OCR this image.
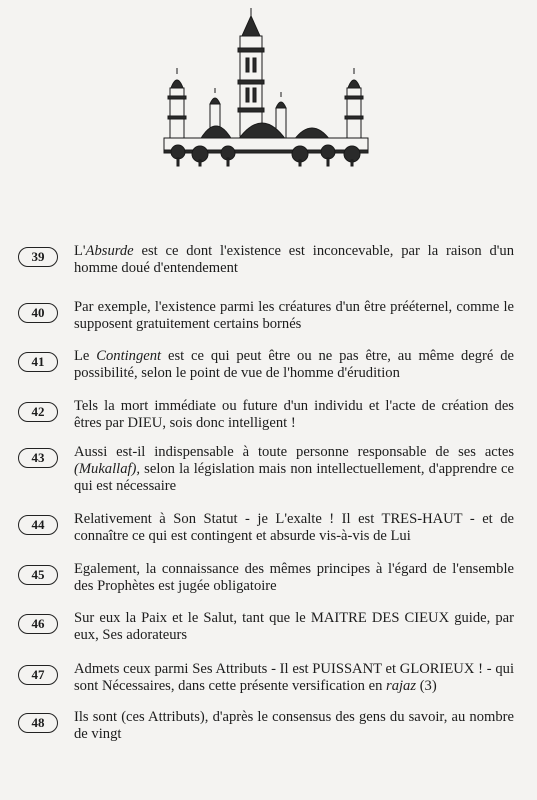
39	L'Absurde est ce dont l'existence est inconcevable, par la raison d'un homme doué d'entendement
40	Par exemple, l'existence parmi les créatures d'un être prééternel, comme le supposent gratuitement certains bornés
41	Le Contingent est ce qui peut être ou ne pas être, au même degré de possibilité, selon le point de vue de l'homme d'érudition
42	Tels la mort immédiate ou future d'un individu et l'acte de création des êtres par DIEU, sois donc intelligent !
43	Aussi est-il indispensable à toute personne responsable de ses actes (Mukallaf), selon la législation mais non intellectuellement, d'apprendre ce qui est nécessaire
44	Relativement à Son Statut - je L'exalte ! Il est TRES-HAUT - et de connaître ce qui est contingent et absurde vis-à-vis de Lui
45	Egalement, la connaissance des mêmes principes à l'égard de l'ensemble des Prophètes est jugée obligatoire
46	Sur eux la Paix et le Salut, tant que le MAITRE DES CIEUX guide, par eux, Ses adorateurs
47	Admets ceux parmi Ses Attributs - Il est PUISSANT et GLORIEUX ! - qui sont Nécessaires, dans cette présente versification en rajaz (3)
48	Ils sont (ces Attributs), d'après le consensus des gens du savoir, au nombre de vingt
